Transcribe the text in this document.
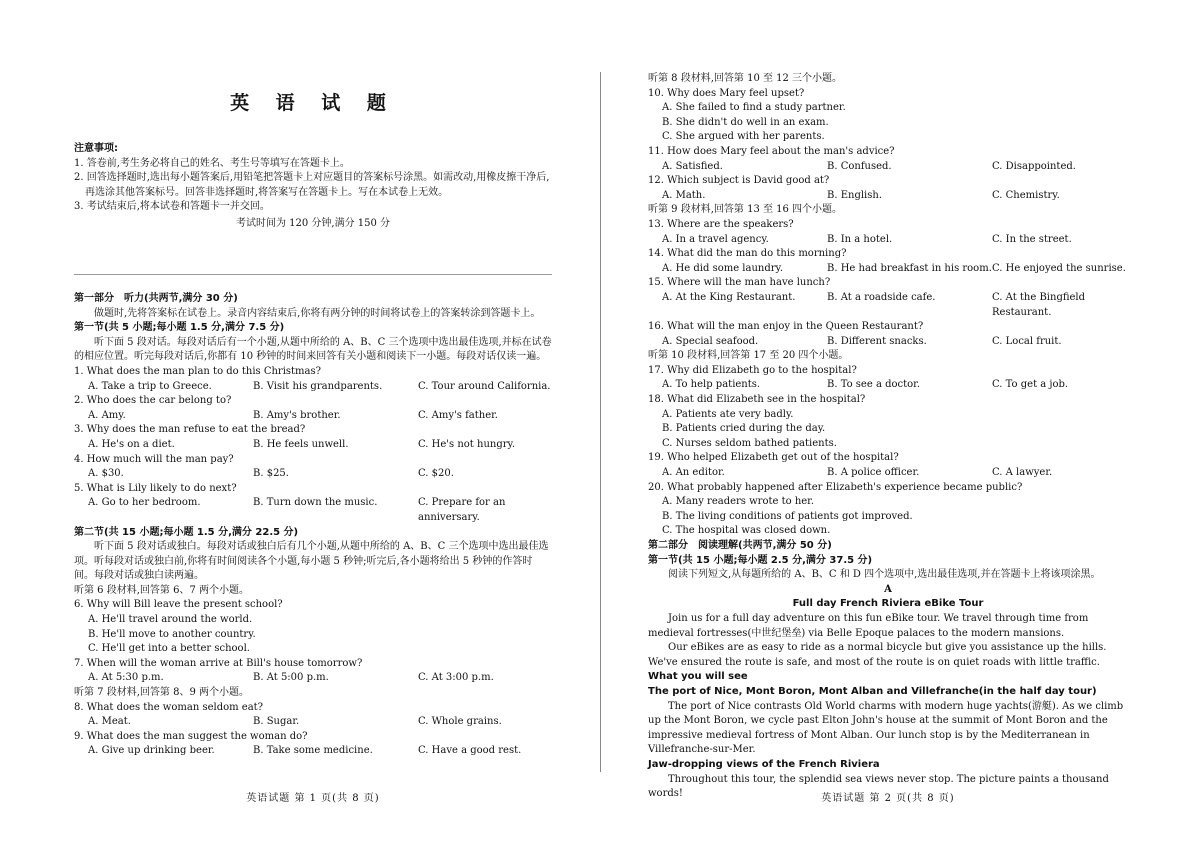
英 语 试 题
注意事项:
1. 答卷前,考生务必将自己的姓名、考生号等填写在答题卡上。
2. 回答选择题时,选出每小题答案后,用铅笔把答题卡上对应题目的答案标号涂黑。如需改动,用橡皮擦干净后,再选涂其他答案标号。回答非选择题时,将答案写在答题卡上。写在本试卷上无效。
3. 考试结束后,将本试卷和答题卡一并交回。
考试时间为 120 分钟,满分 150 分
第一部分　听力(共两节,满分 30 分)
做题时,先将答案标在试卷上。录音内容结束后,你将有两分钟的时间将试卷上的答案转涂到答题卡上。
第一节(共 5 小题;每小题 1.5 分,满分 7.5 分)
听下面 5 段对话。每段对话后有一个小题,从题中所给的 A、B、C 三个选项中选出最佳选项,并标在试卷的相应位置。听完每段对话后,你都有 10 秒钟的时间来回答有关小题和阅读下一小题。每段对话仅读一遍。
1. What does the man plan to do this Christmas?
A. Take a trip to Greece.	B. Visit his grandparents.	C. Tour around California.
2. Who does the car belong to?
A. Amy.	B. Amy's brother.	C. Amy's father.
3. Why does the man refuse to eat the bread?
A. He's on a diet.	B. He feels unwell.	C. He's not hungry.
4. How much will the man pay?
A. $30.	B. $25.	C. $20.
5. What is Lily likely to do next?
A. Go to her bedroom.	B. Turn down the music.	C. Prepare for an anniversary.
第二节(共 15 小题;每小题 1.5 分,满分 22.5 分)
听下面 5 段对话或独白。每段对话或独白后有几个小题,从题中所给的 A、B、C 三个选项中选出最佳选项。听每段对话或独白前,你将有时间阅读各个小题,每小题 5 秒钟;听完后,各小题将给出 5 秒钟的作答时间。每段对话或独白读两遍。
听第 6 段材料,回答第 6、7 两个小题。
6. Why will Bill leave the present school?
A. He'll travel around the world.
B. He'll move to another country.
C. He'll get into a better school.
7. When will the woman arrive at Bill's house tomorrow?
A. At 5:30 p.m.	B. At 5:00 p.m.	C. At 3:00 p.m.
听第 7 段材料,回答第 8、9 两个小题。
8. What does the woman seldom eat?
A. Meat.	B. Sugar.	C. Whole grains.
9. What does the man suggest the woman do?
A. Give up drinking beer.	B. Take some medicine.	C. Have a good rest.
英语试题 第 1 页(共 8 页)
听第 8 段材料,回答第 10 至 12 三个小题。
10. Why does Mary feel upset?
A. She failed to find a study partner.
B. She didn't do well in an exam.
C. She argued with her parents.
11. How does Mary feel about the man's advice?
A. Satisfied.	B. Confused.	C. Disappointed.
12. Which subject is David good at?
A. Math.	B. English.	C. Chemistry.
听第 9 段材料,回答第 13 至 16 四个小题。
13. Where are the speakers?
A. In a travel agency.	B. In a hotel.	C. In the street.
14. What did the man do this morning?
A. He did some laundry.	B. He had breakfast in his room. C. He enjoyed the sunrise.
15. Where will the man have lunch?
A. At the King Restaurant.	B. At a roadside cafe.	C. At the Bingfield Restaurant.
16. What will the man enjoy in the Queen Restaurant?
A. Special seafood.	B. Different snacks.	C. Local fruit.
听第 10 段材料,回答第 17 至 20 四个小题。
17. Why did Elizabeth go to the hospital?
A. To help patients.	B. To see a doctor.	C. To get a job.
18. What did Elizabeth see in the hospital?
A. Patients ate very badly.
B. Patients cried during the day.
C. Nurses seldom bathed patients.
19. Who helped Elizabeth get out of the hospital?
A. An editor.	B. A police officer.	C. A lawyer.
20. What probably happened after Elizabeth's experience became public?
A. Many readers wrote to her.
B. The living conditions of patients got improved.
C. The hospital was closed down.
第二部分　阅读理解(共两节,满分 50 分)
第一节(共 15 小题;每小题 2.5 分,满分 37.5 分)
阅读下列短文,从每题所给的 A、B、C 和 D 四个选项中,选出最佳选项,并在答题卡上将该项涂黑。
A
Full day French Riviera eBike Tour
Join us for a full day adventure on this fun eBike tour. We travel through time from medieval fortresses(中世纪堡垒) via Belle Epoque palaces to the modern mansions.
Our eBikes are as easy to ride as a normal bicycle but give you assistance up the hills. We've ensured the route is safe, and most of the route is on quiet roads with little traffic.
What you will see
The port of Nice, Mont Boron, Mont Alban and Villefranche(in the half day tour)
The port of Nice contrasts Old World charms with modern huge yachts(游艇). As we climb up the Mont Boron, we cycle past Elton John's house at the summit of Mont Boron and the impressive medieval fortress of Mont Alban. Our lunch stop is by the Mediterranean in Villefranche-sur-Mer.
Jaw-dropping views of the French Riviera
Throughout this tour, the splendid sea views never stop. The picture paints a thousand words!	英语试题 第 2 页(共 8 页)
